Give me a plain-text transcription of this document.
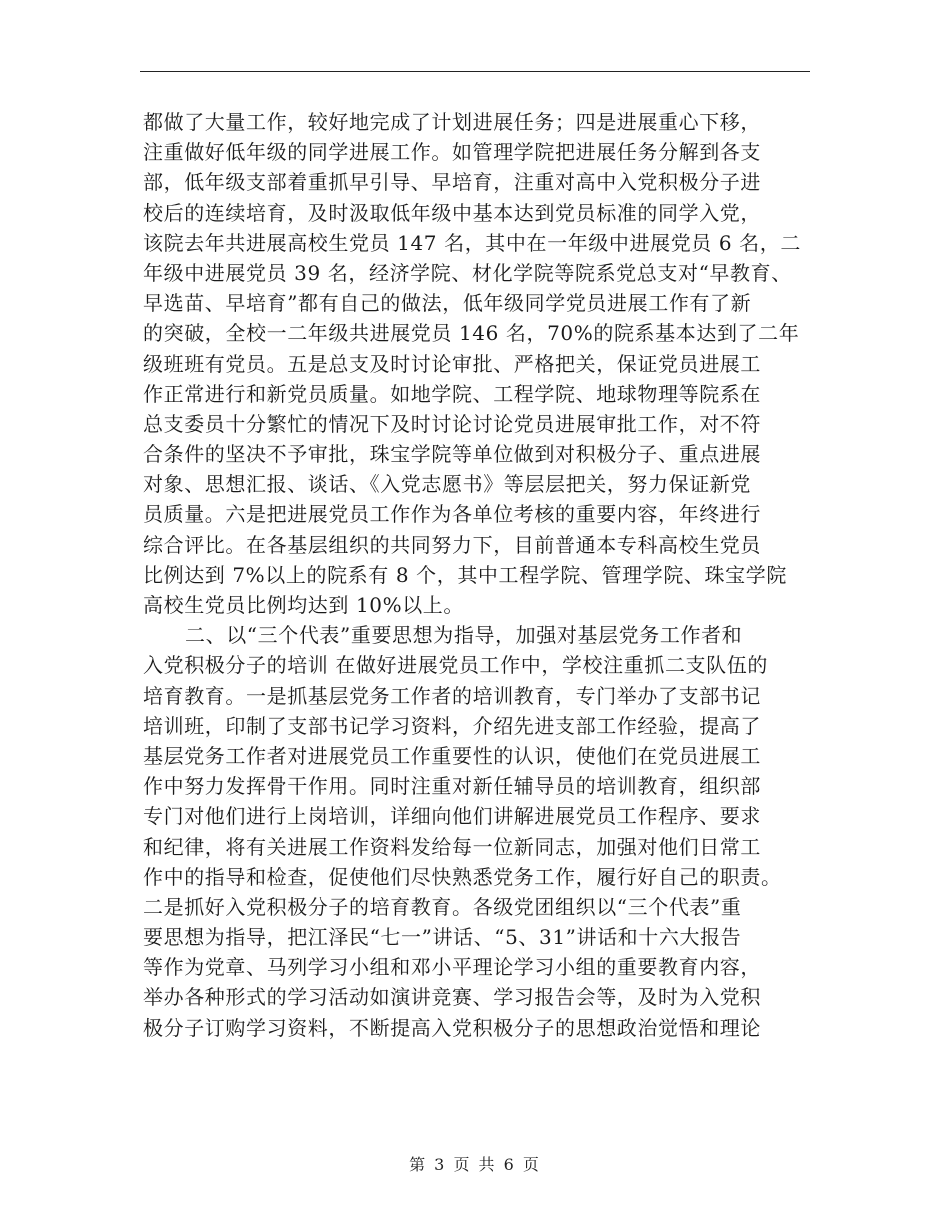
都做了大量工作，较好地完成了计划进展任务；四是进展重心下移，
注重做好低年级的同学进展工作。如管理学院把进展任务分解到各支
部，低年级支部着重抓早引导、早培育，注重对高中入党积极分子进
校后的连续培育，及时汲取低年级中基本达到党员标准的同学入党，
该院去年共进展高校生党员 147 名，其中在一年级中进展党员 6 名，二
年级中进展党员 39 名，经济学院、材化学院等院系党总支对“早教育、
早选苗、早培育”都有自己的做法，低年级同学党员进展工作有了新
的突破，全校一二年级共进展党员 146 名，70%的院系基本达到了二年
级班班有党员。五是总支及时讨论审批、严格把关，保证党员进展工
作正常进行和新党员质量。如地学院、工程学院、地球物理等院系在
总支委员十分繁忙的情况下及时讨论讨论党员进展审批工作，对不符
合条件的坚决不予审批，珠宝学院等单位做到对积极分子、重点进展
对象、思想汇报、谈话、《入党志愿书》等层层把关，努力保证新党
员质量。六是把进展党员工作作为各单位考核的重要内容，年终进行
综合评比。在各基层组织的共同努力下，目前普通本专科高校生党员
比例达到 7%以上的院系有 8 个，其中工程学院、管理学院、珠宝学院
高校生党员比例均达到 10%以上。
二、以“三个代表”重要思想为指导，加强对基层党务工作者和
入党积极分子的培训 在做好进展党员工作中，学校注重抓二支队伍的
培育教育。一是抓基层党务工作者的培训教育，专门举办了支部书记
培训班，印制了支部书记学习资料，介绍先进支部工作经验，提高了
基层党务工作者对进展党员工作重要性的认识，使他们在党员进展工
作中努力发挥骨干作用。同时注重对新任辅导员的培训教育，组织部
专门对他们进行上岗培训，详细向他们讲解进展党员工作程序、要求
和纪律，将有关进展工作资料发给每一位新同志，加强对他们日常工
作中的指导和检查，促使他们尽快熟悉党务工作，履行好自己的职责。
二是抓好入党积极分子的培育教育。各级党团组织以“三个代表”重
要思想为指导，把江泽民“七一”讲话、“5、31”讲话和十六大报告
等作为党章、马列学习小组和邓小平理论学习小组的重要教育内容，
举办各种形式的学习活动如演讲竞赛、学习报告会等，及时为入党积
极分子订购学习资料，不断提高入党积极分子的思想政治觉悟和理论
第 3 页 共 6 页
